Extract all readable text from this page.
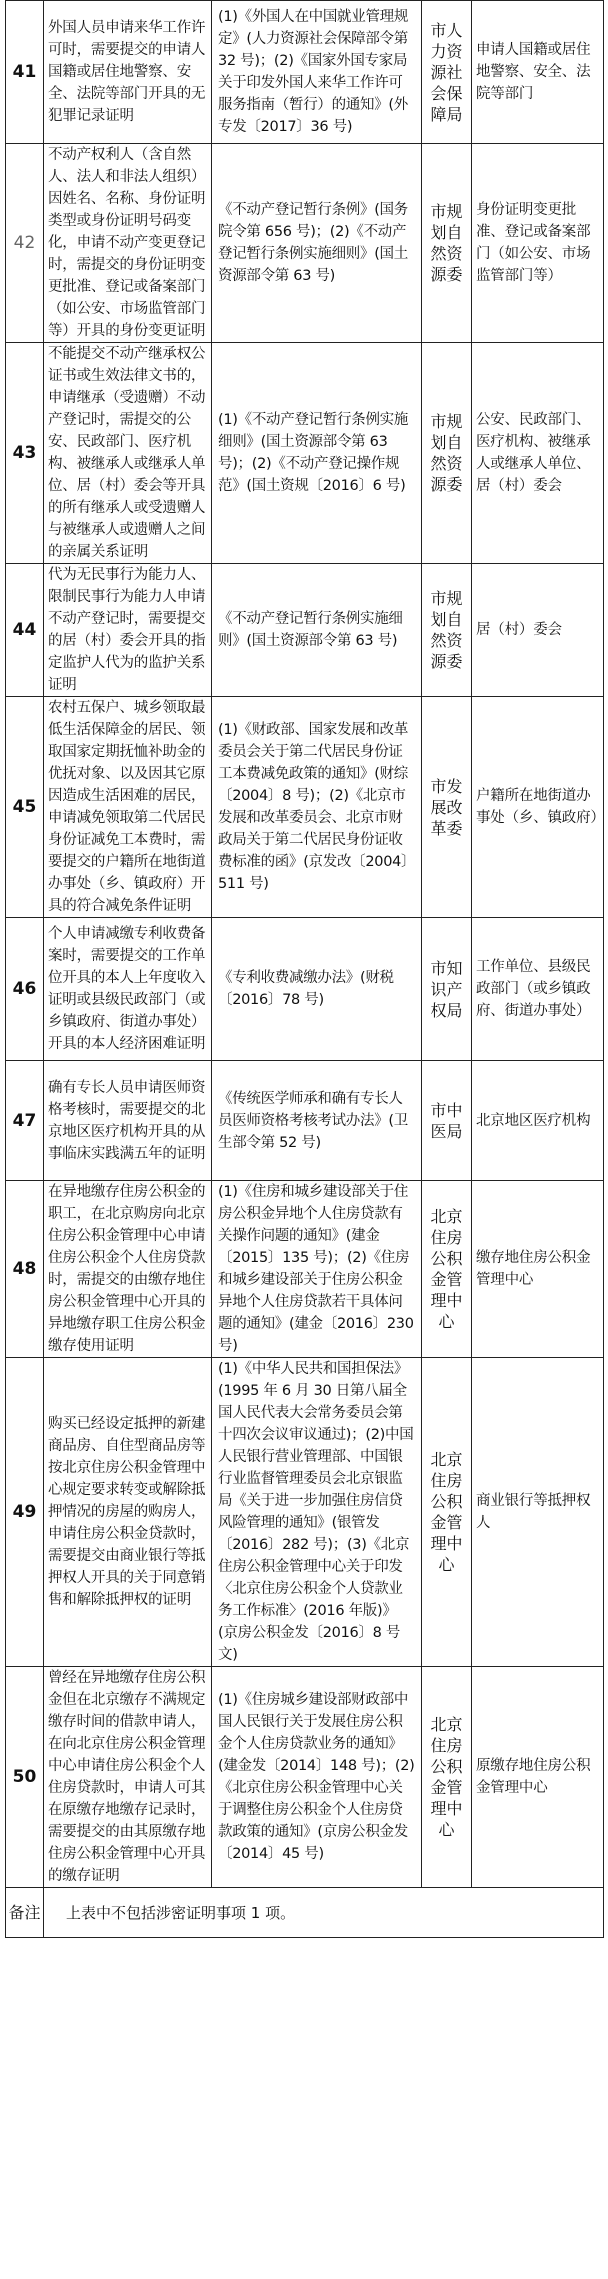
41	外国人员申请来华工作许可时，需要提交的申请人国籍或居住地警察、安全、法院等部门开具的无犯罪记录证明	(1)《外国人在中国就业管理规定》(人力资源社会保障部令第 32 号)；(2)《国家外国专家局关于印发外国人来华工作许可服务指南（暂行）的通知》(外专发〔2017〕36 号)	市人力资源社会保障局	申请人国籍或居住地警察、安全、法院等部门
42	不动产权利人（含自然人、法人和非法人组织）因姓名、名称、身份证明类型或身份证明号码变化，申请不动产变更登记时，需提交的身份证明变更批准、登记或备案部门（如公安、市场监管部门等）开具的身份变更证明	《不动产登记暂行条例》(国务院令第 656 号)；(2)《不动产登记暂行条例实施细则》(国土资源部令第 63 号)	市规划自然资源委	身份证明变更批准、登记或备案部门（如公安、市场监管部门等）
43	不能提交不动产继承权公证书或生效法律文书的，申请继承（受遗赠）不动产登记时，需提交的公安、民政部门、医疗机构、被继承人或继承人单位、居（村）委会等开具的所有继承人或受遗赠人与被继承人或遗赠人之间的亲属关系证明	(1)《不动产登记暂行条例实施细则》(国土资源部令第 63 号)；(2)《不动产登记操作规范》(国土资规〔2016〕6 号)	市规划自然资源委	公安、民政部门、医疗机构、被继承人或继承人单位、居（村）委会
44	代为无民事行为能力人、限制民事行为能力人申请不动产登记时，需要提交的居（村）委会开具的指定监护人代为的监护关系证明	《不动产登记暂行条例实施细则》(国土资源部令第 63 号)	市规划自然资源委	居（村）委会
45	农村五保户、城乡领取最低生活保障金的居民、领取国家定期抚恤补助金的优抚对象、以及因其它原因造成生活困难的居民，申请减免领取第二代居民身份证减免工本费时，需要提交的户籍所在地街道办事处（乡、镇政府）开具的符合减免条件证明	(1)《财政部、国家发展和改革委员会关于第二代居民身份证工本费减免政策的通知》(财综〔2004〕8 号)；(2)《北京市发展和改革委员会、北京市财政局关于第二代居民身份证收费标准的函》(京发改〔2004〕511 号)	市发展改革委	户籍所在地街道办事处（乡、镇政府）
46	个人申请减缴专利收费备案时，需要提交的工作单位开具的本人上年度收入证明或县级民政部门（或乡镇政府、街道办事处）开具的本人经济困难证明	《专利收费减缴办法》(财税〔2016〕78 号)	市知识产权局	工作单位、县级民政部门（或乡镇政府、街道办事处）
47	确有专长人员申请医师资格考核时，需要提交的北京地区医疗机构开具的从事临床实践满五年的证明	《传统医学师承和确有专长人员医师资格考核考试办法》(卫生部令第 52 号)	市中医局	北京地区医疗机构
48	在异地缴存住房公积金的职工，在北京购房向北京住房公积金管理中心申请住房公积金个人住房贷款时，需提交的由缴存地住房公积金管理中心开具的异地缴存职工住房公积金缴存使用证明	(1)《住房和城乡建设部关于住房公积金异地个人住房贷款有关操作问题的通知》(建金〔2015〕135 号)；(2)《住房和城乡建设部关于住房公积金异地个人住房贷款若干具体问题的通知》(建金〔2016〕230 号)	北京住房公积金管理中心	缴存地住房公积金管理中心
49	购买已经设定抵押的新建商品房、自住型商品房等按北京住房公积金管理中心规定要求转变或解除抵押情况的房屋的购房人，申请住房公积金贷款时，需要提交由商业银行等抵押权人开具的关于同意销售和解除抵押权的证明	(1)《中华人民共和国担保法》(1995 年 6 月 30 日第八届全国人民代表大会常务委员会第十四次会议审议通过)；(2)中国人民银行营业管理部、中国银行业监督管理委员会北京银监局《关于进一步加强住房信贷风险管理的通知》(银管发〔2016〕282 号)；(3)《北京住房公积金管理中心关于印发〈北京住房公积金个人贷款业务工作标准〉(2016 年版)》(京房公积金发〔2016〕8 号文)	北京住房公积金管理中心	商业银行等抵押权人
50	曾经在异地缴存住房公积金但在北京缴存不满规定缴存时间的借款申请人，在向北京住房公积金管理中心申请住房公积金个人住房贷款时，申请人可其在原缴存地缴存记录时，需要提交的由其原缴存地住房公积金管理中心开具的缴存证明	(1)《住房城乡建设部财政部中国人民银行关于发展住房公积金个人住房贷款业务的通知》(建金发〔2014〕148 号)；(2)《北京住房公积金管理中心关于调整住房公积金个人住房贷款政策的通知》(京房公积金发〔2014〕45 号)	北京住房公积金管理中心	原缴存地住房公积金管理中心
备注	上表中不包括涉密证明事项 1 项。			
